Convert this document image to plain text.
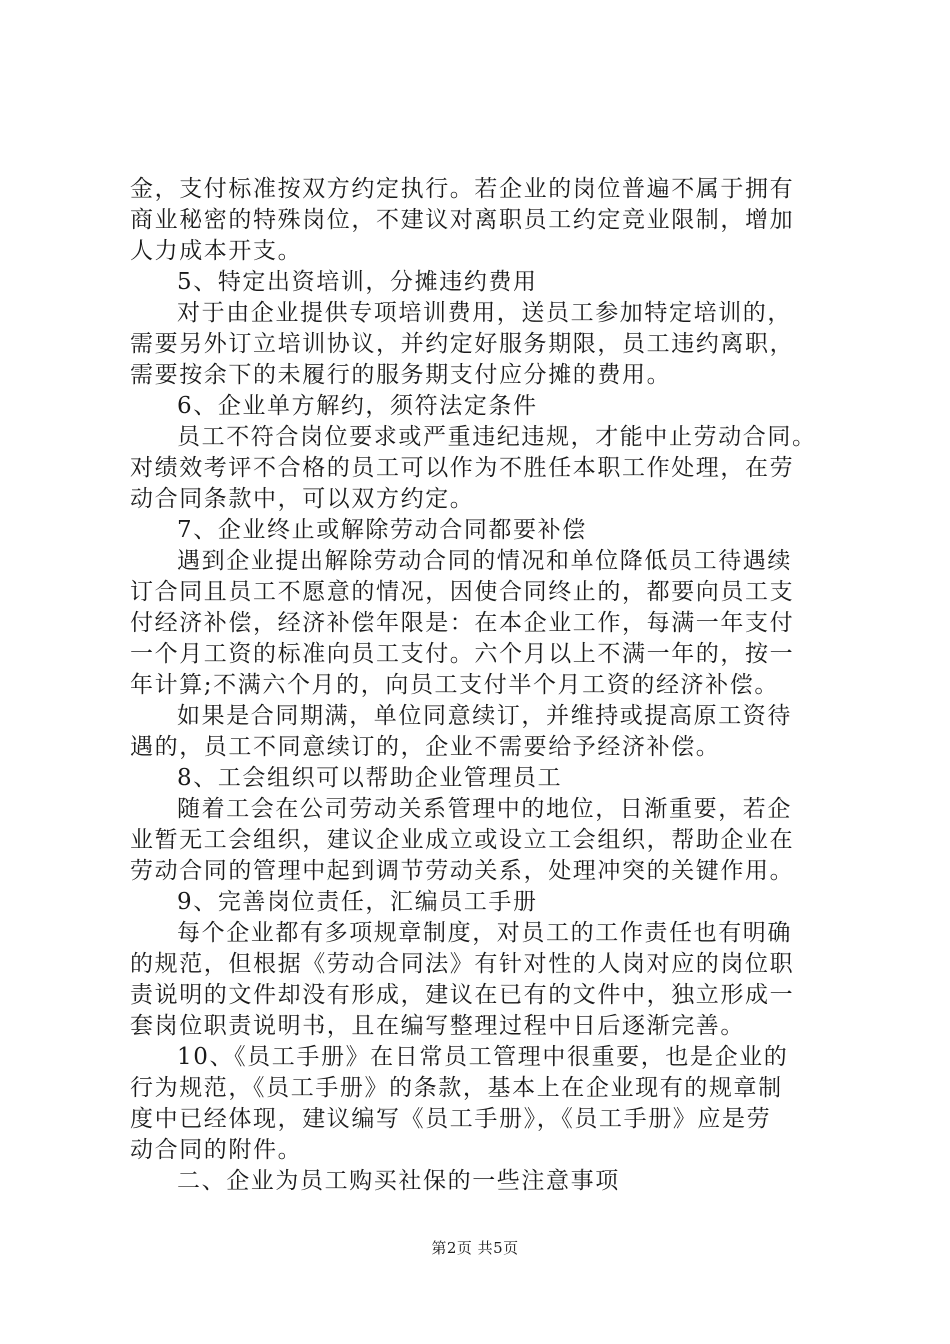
金，支付标准按双方约定执行。若企业的岗位普遍不属于拥有
商业秘密的特殊岗位，不建议对离职员工约定竞业限制，增加
人力成本开支。
5、特定出资培训，分摊违约费用
对于由企业提供专项培训费用，送员工参加特定培训的，
需要另外订立培训协议，并约定好服务期限，员工违约离职，
需要按余下的未履行的服务期支付应分摊的费用。
6、企业单方解约，须符法定条件
员工不符合岗位要求或严重违纪违规，才能中止劳动合同。
对绩效考评不合格的员工可以作为不胜任本职工作处理，在劳
动合同条款中，可以双方约定。
7、企业终止或解除劳动合同都要补偿
遇到企业提出解除劳动合同的情况和单位降低员工待遇续
订合同且员工不愿意的情况，因使合同终止的，都要向员工支
付经济补偿，经济补偿年限是：在本企业工作，每满一年支付
一个月工资的标准向员工支付。六个月以上不满一年的，按一
年计算;不满六个月的，向员工支付半个月工资的经济补偿。
如果是合同期满，单位同意续订，并维持或提高原工资待
遇的，员工不同意续订的，企业不需要给予经济补偿。
8、工会组织可以帮助企业管理员工
随着工会在公司劳动关系管理中的地位，日渐重要，若企
业暂无工会组织，建议企业成立或设立工会组织，帮助企业在
劳动合同的管理中起到调节劳动关系，处理冲突的关键作用。
9、完善岗位责任，汇编员工手册
每个企业都有多项规章制度，对员工的工作责任也有明确
的规范，但根据《劳动合同法》有针对性的人岗对应的岗位职
责说明的文件却没有形成，建议在已有的文件中，独立形成一
套岗位职责说明书，且在编写整理过程中日后逐渐完善。
10、《员工手册》在日常员工管理中很重要，也是企业的
行为规范，《员工手册》的条款，基本上在企业现有的规章制
度中已经体现，建议编写《员工手册》，《员工手册》应是劳
动合同的附件。
二、企业为员工购买社保的一些注意事项
第2页 共5页
